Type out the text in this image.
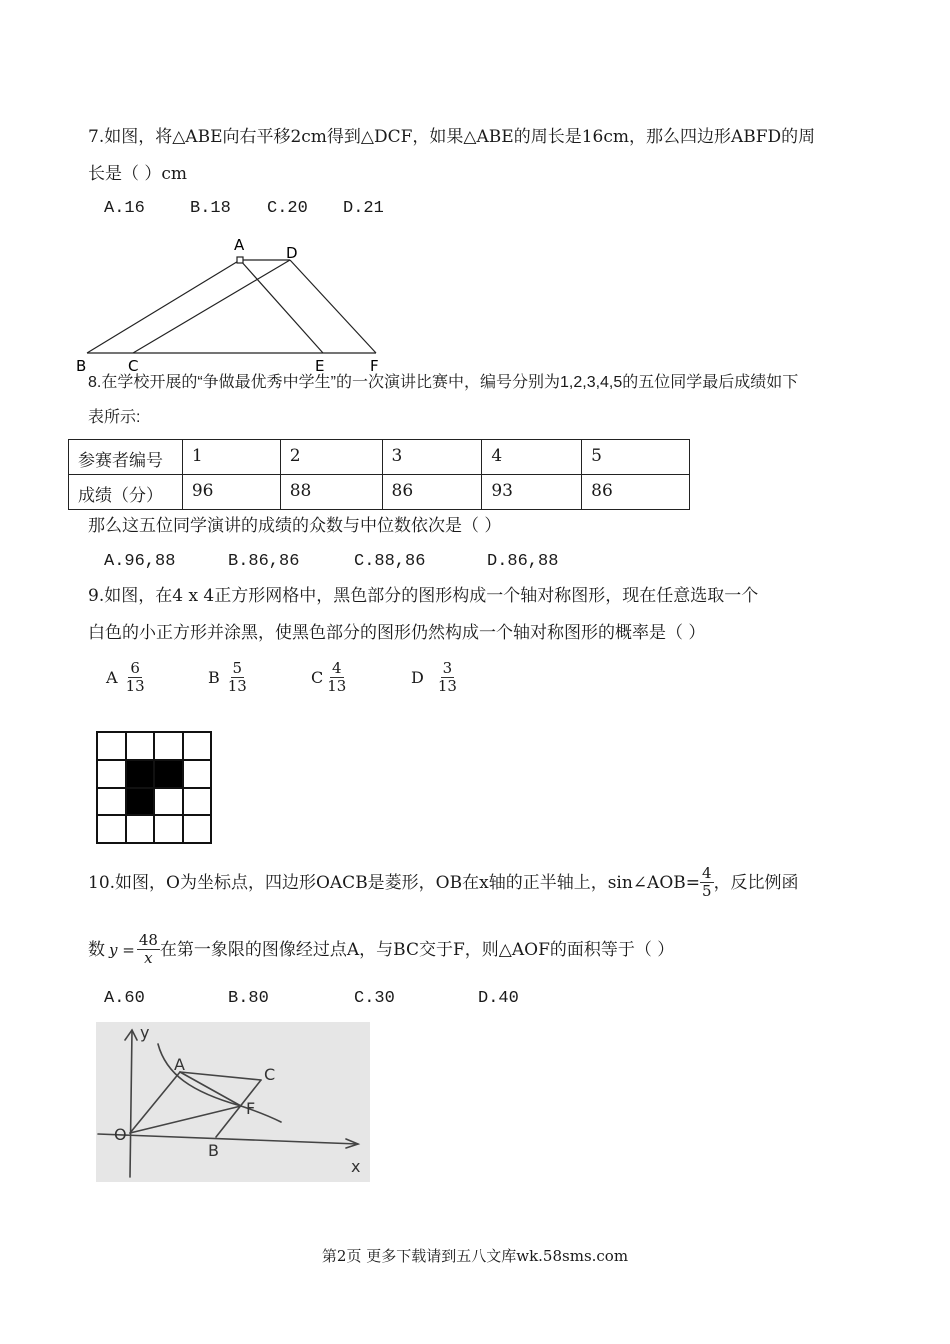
7.如图，将△ABE向右平移2cm得到△DCF，如果△ABE的周长是16cm，那么四边形ABFD的周
长是（ ）cm
A.16	B.18 C.20 D.21
A	D
B	C	E	F
8.在学校开展的“争做最优秀中学生”的一次演讲比赛中，编号分别为1,2,3,4,5的五位同学最后成绩如下
表所示:
参赛者编号	1	2	3	4	5
成绩（分）	96	88	86	93	86
那么这五位同学演讲的成绩的众数与中位数依次是（ ）
A.96,88	B.86,86	C.88,86	D.86,88
9.如图，在4 x 4正方形网格中，黑色部分的图形构成一个轴对称图形，现在任意选取一个
白色的小正方形并涂黑，使黑色部分的图形仍然构成一个轴对称图形的概率是（ ）
A $\frac{6}{13}$	B $\frac{5}{13}$	C $\frac{4}{13}$	D $\frac{3}{13}$
10.如图，O为坐标点，四边形OACB是菱形，OB在x轴的正半轴上，sin∠AOB= $\frac{4}{5}$ ，反比例函
数 $y = \frac{48}{x}$ 在第一象限的图像经过点A，与BC交于F，则△AOF的面积等于（ ）
A.60	B.80	C.30	D.40
y
A
C
F
O
B
x
第2页 更多下载请到五八文库wk.58sms.com
